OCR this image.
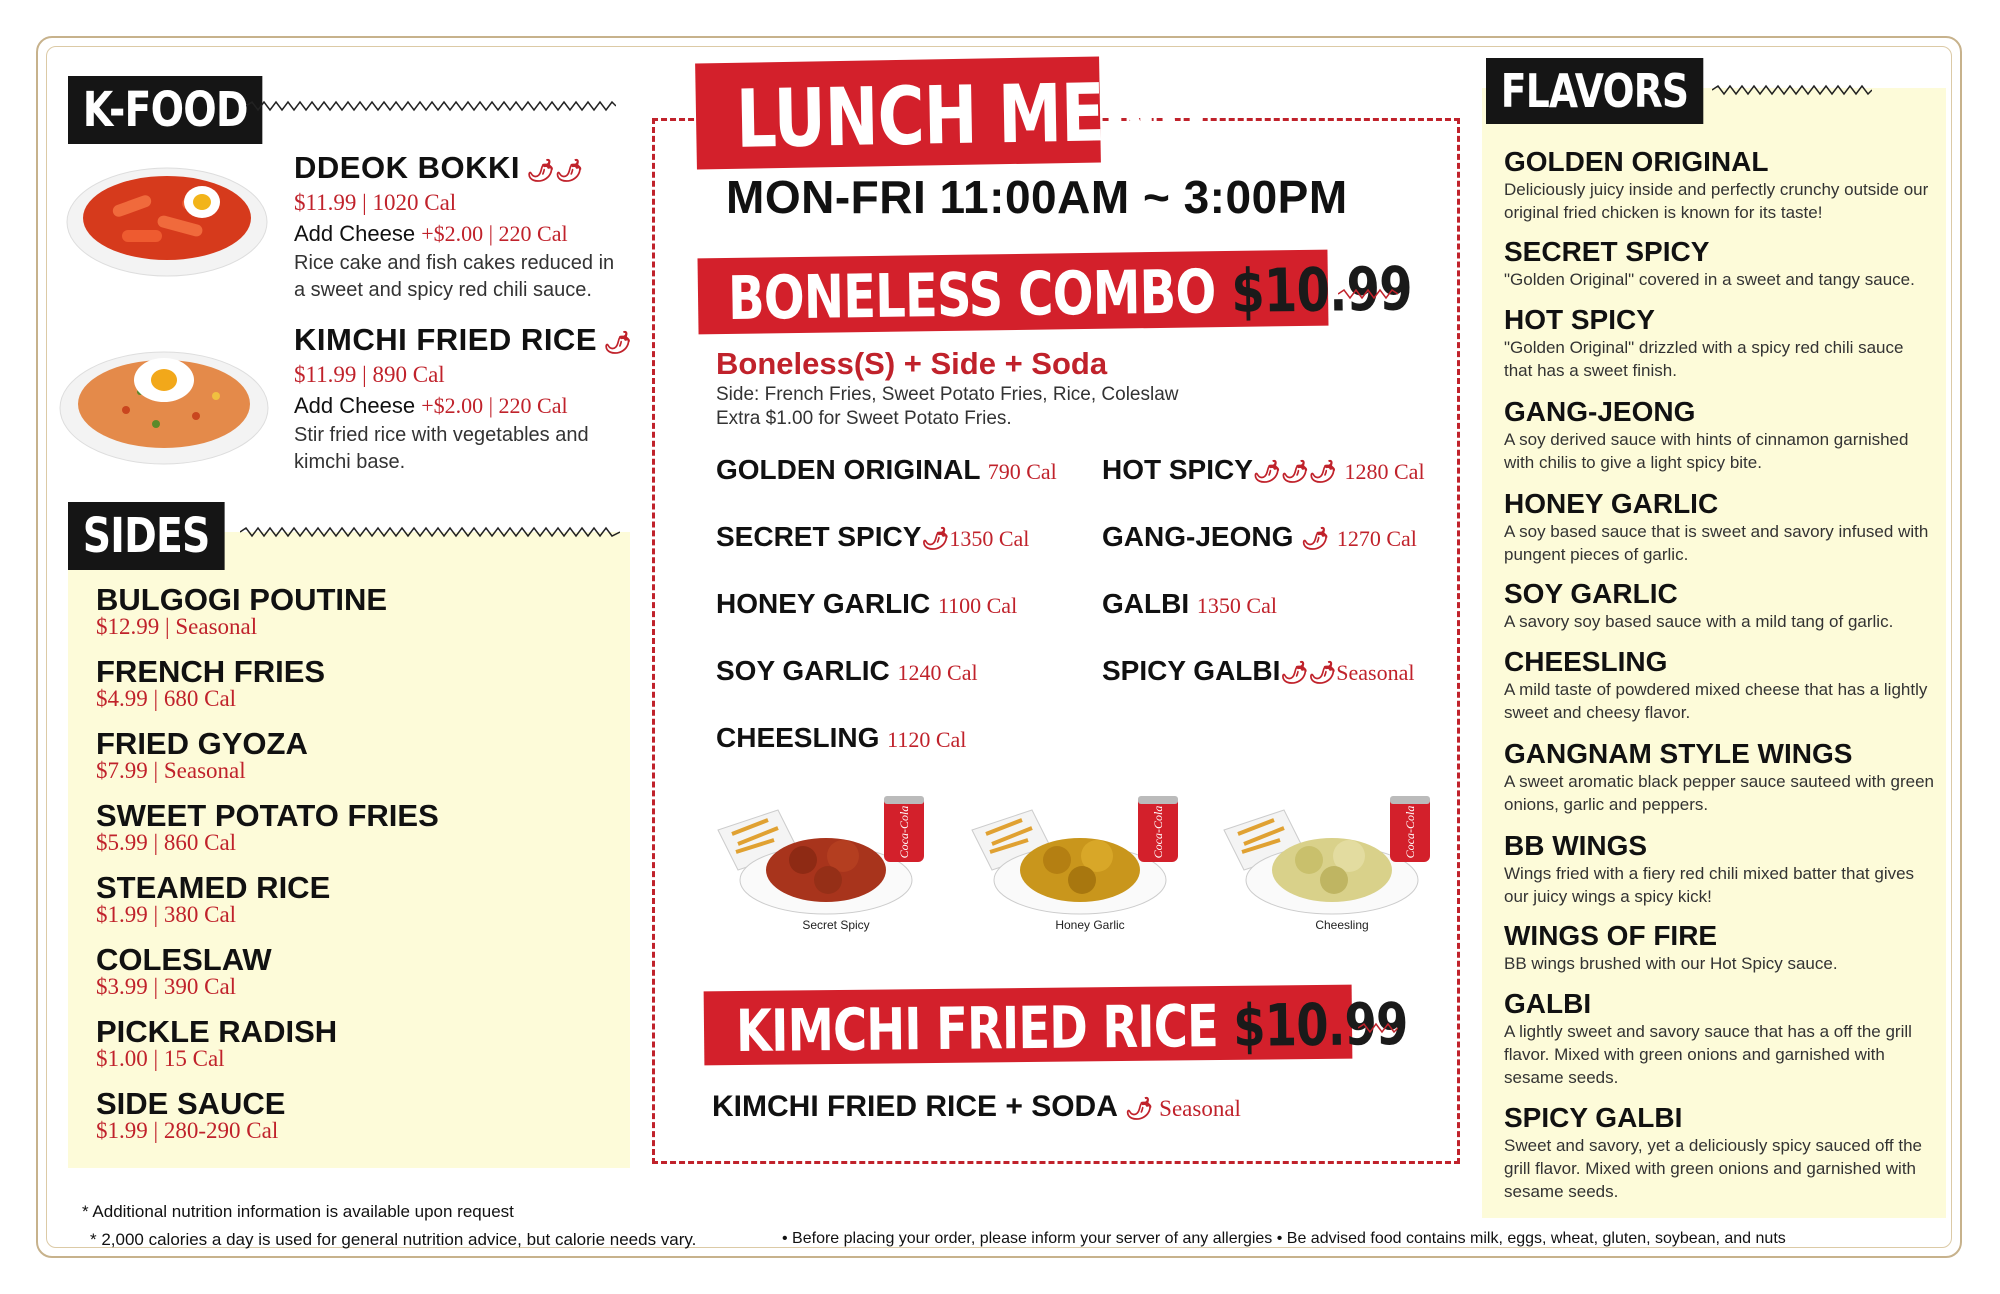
K-FOOD
DDEOK BOKKI 🌶🌶
$11.99 | 1020 Cal
Add Cheese +$2.00 | 220 Cal
Rice cake and fish cakes reduced in a sweet and spicy red chili sauce.
KIMCHI FRIED RICE 🌶
$11.99 | 890 Cal
Add Cheese +$2.00 | 220 Cal
Stir fried rice with vegetables and kimchi base.
SIDES
BULGOGI POUTINE
$12.99 | Seasonal
FRENCH FRIES
$4.99 | 680 Cal
FRIED GYOZA
$7.99 | Seasonal
SWEET POTATO FRIES
$5.99 | 860 Cal
STEAMED RICE
$1.99 | 380 Cal
COLESLAW
$3.99 | 390 Cal
PICKLE RADISH
$1.00 | 15 Cal
SIDE SAUCE
$1.99 | 280-290 Cal
LUNCH MENU
MON-FRI 11:00AM ~ 3:00PM
BONELESS COMBO $10.99
Boneless(S) + Side + Soda
Side: French Fries, Sweet Potato Fries, Rice, Coleslaw
Extra $1.00 for Sweet Potato Fries.
GOLDEN ORIGINAL 790 Cal HOT SPICY🌶🌶🌶 1280 Cal
SECRET SPICY🌶1350 Cal	GANG-JEONG 🌶 1270 Cal
HONEY GARLIC 1100 Cal	GALBI 1350 Cal
SOY GARLIC 1240 Cal	SPICY GALBI🌶🌶Seasonal
CHEESLING 1120 Cal
Coca-Cola
Secret Spicy
Coca-Cola
Honey Garlic
Coca-Cola
Cheesling
KIMCHI FRIED RICE $10.99
KIMCHI FRIED RICE + SODA 🌶 Seasonal
FLAVORS
GOLDEN ORIGINAL
Deliciously juicy inside and perfectly crunchy outside our original fried chicken is known for its taste!
SECRET SPICY
"Golden Original" covered in a sweet and tangy sauce.
HOT SPICY
"Golden Original" drizzled with a spicy red chili sauce that has a sweet finish.
GANG-JEONG
A soy derived sauce with hints of cinnamon garnished with chilis to give a light spicy bite.
HONEY GARLIC
A soy based sauce that is sweet and savory infused with pungent pieces of garlic.
SOY GARLIC
A savory soy based sauce with a mild tang of garlic.
CHEESLING
A mild taste of powdered mixed cheese that has a lightly sweet and cheesy flavor.
GANGNAM STYLE WINGS
A sweet aromatic black pepper sauce sauteed with green onions, garlic and peppers.
BB WINGS
Wings fried with a fiery red chili mixed batter that gives our juicy wings a spicy kick!
WINGS OF FIRE
BB wings brushed with our Hot Spicy sauce.
GALBI
A lightly sweet and savory sauce that has a off the grill flavor. Mixed with green onions and garnished with sesame seeds.
SPICY GALBI
Sweet and savory, yet a deliciously spicy sauced off the grill flavor. Mixed with green onions and garnished with sesame seeds.
* Additional nutrition information is available upon request
* 2,000 calories a day is used for general nutrition advice, but calorie needs vary.	• Before placing your order, please inform your server of any allergies • Be advised food contains milk, eggs, wheat, gluten, soybean, and nuts
